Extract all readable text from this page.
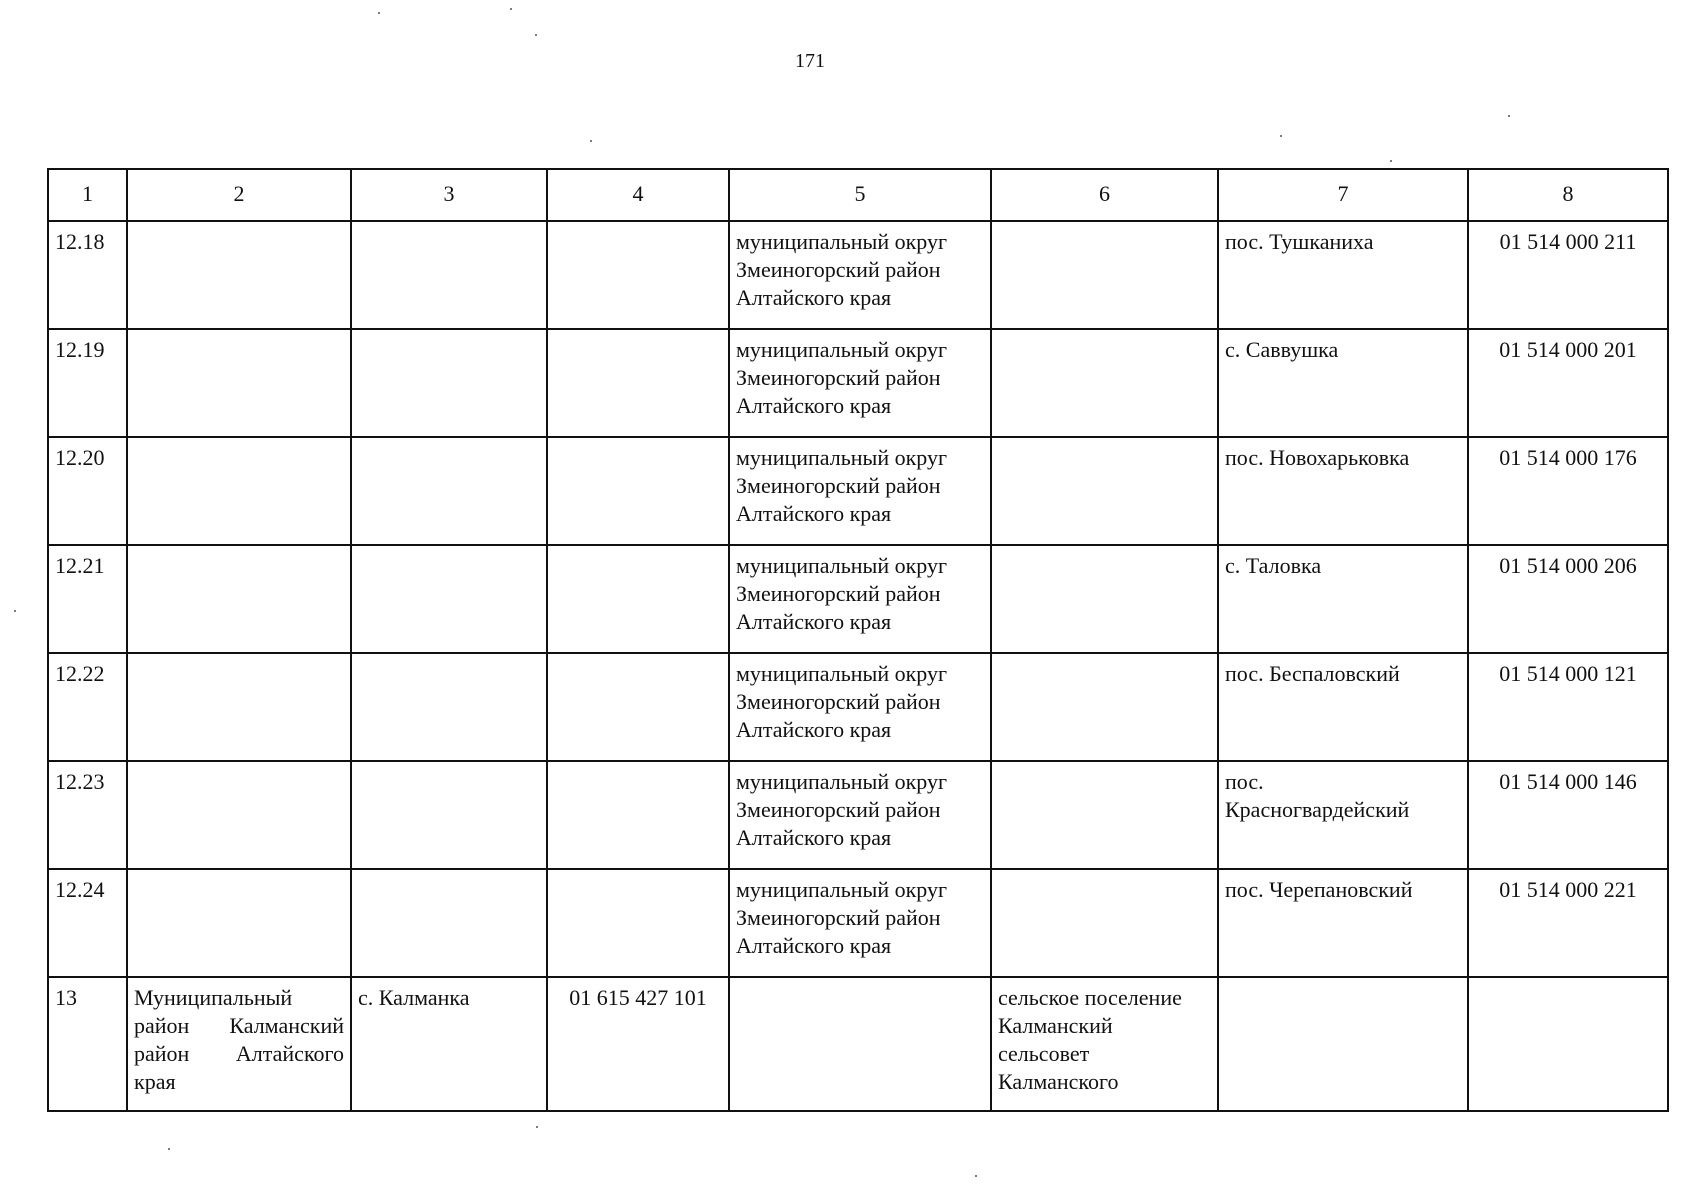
171
1	2	3	4	5	6	7	8
12.18				муниципальный округ
Змеиногорский район
Алтайского края		пос. Тушканиха	01 514 000 211
12.19				муниципальный округ
Змеиногорский район
Алтайского края		с. Саввушка	01 514 000 201
12.20				муниципальный округ
Змеиногорский район
Алтайского края		пос. Новохарьковка	01 514 000 176
12.21				муниципальный округ
Змеиногорский район
Алтайского края		с. Таловка	01 514 000 206
12.22				муниципальный округ
Змеиногорский район
Алтайского края		пос. Беспаловский	01 514 000 121
12.23				муниципальный округ
Змеиногорский район
Алтайского края		пос.
Красногвардейский	01 514 000 146
12.24				муниципальный округ
Змеиногорский район
Алтайского края		пос. Черепановский	01 514 000 221
13	Муниципальный район Калманский район Алтайского края	с. Калманка	01 615 427 101		сельское поселение
Калманский
сельсовет
Калманского		
